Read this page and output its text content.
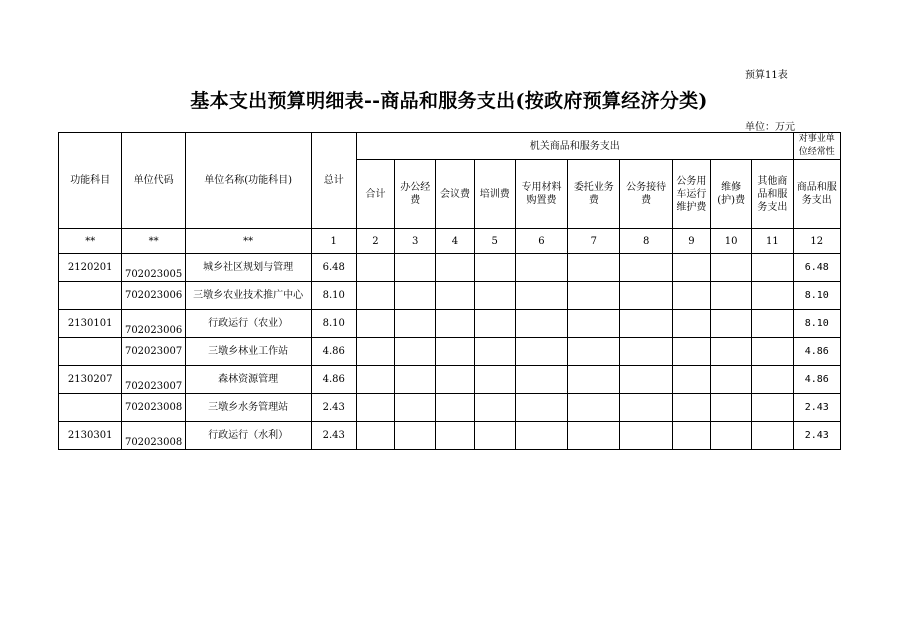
预算11表
基本支出预算明细表--商品和服务支出(按政府预算经济分类)
单位：万元
功能科目	单位代码	单位名称(功能科目)	总计	机关商品和服务支出										对事业单位经常性
				合计	办公经费	会议费	培训费	专用材料购置费	委托业务费	公务接待费	公务用车运行维护费	维修(护)费	其他商品和服务支出	商品和服务支出
**	**	**	1	2	3	4	5	6	7	8	9	10	11	12
2120201	702023005	城乡社区规划与管理	6.48											6.48
	702023006	三墩乡农业技术推广中心	8.10											8.10
2130101	702023006	行政运行（农业）	8.10											8.10
	702023007	三墩乡林业工作站	4.86											4.86
2130207	702023007	森林资源管理	4.86											4.86
	702023008	三墩乡水务管理站	2.43											2.43
2130301	702023008	行政运行（水利）	2.43											2.43
